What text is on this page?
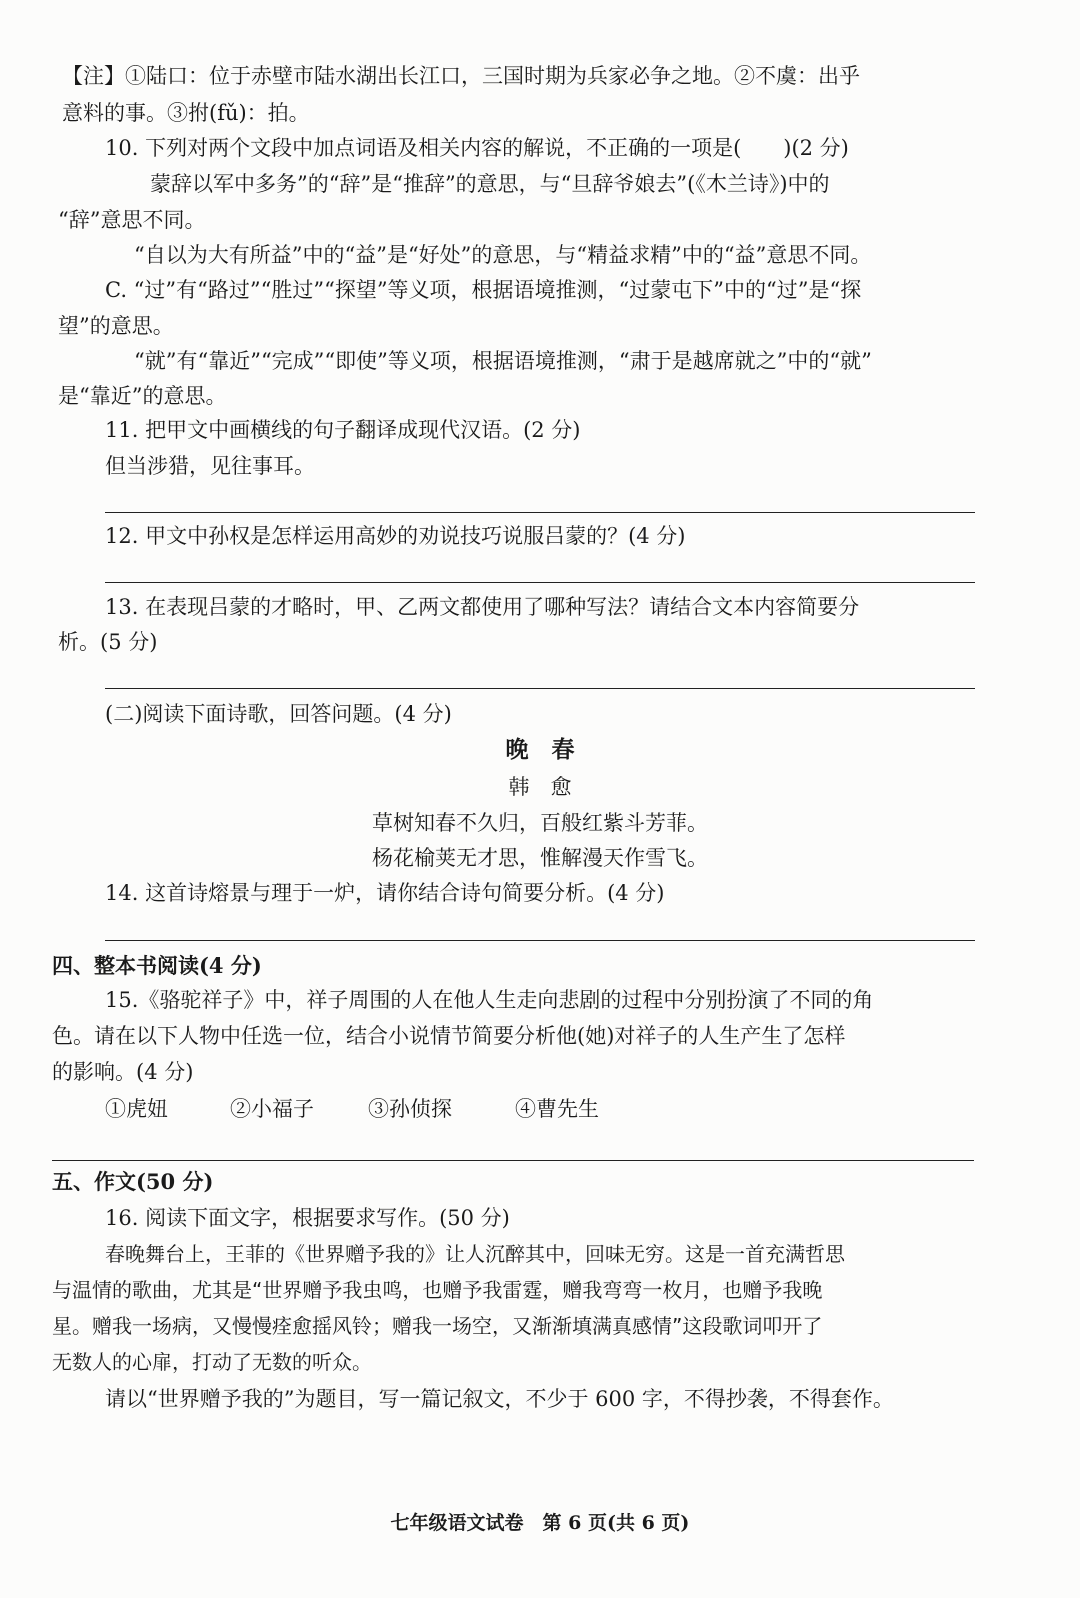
【注】①陆口：位于赤壁市陆水湖出长江口，三国时期为兵家必争之地。②不虞：出乎
意料的事。③拊(fǔ)：拍。
10. 下列对两个文段中加点词语及相关内容的解说，不正确的一项是(　　)(2 分)
蒙辞以军中多务”的“辞”是“推辞”的意思，与“旦辞爷娘去”(《木兰诗》)中的
“辞”意思不同。
“自以为大有所益”中的“益”是“好处”的意思，与“精益求精”中的“益”意思不同。
C. “过”有“路过”“胜过”“探望”等义项，根据语境推测，“过蒙屯下”中的“过”是“探
望”的意思。
“就”有“靠近”“完成”“即使”等义项，根据语境推测，“肃于是越席就之”中的“就”
是“靠近”的意思。
11. 把甲文中画横线的句子翻译成现代汉语。(2 分)
但当涉猎，见往事耳。
12. 甲文中孙权是怎样运用高妙的劝说技巧说服吕蒙的？(4 分)
13. 在表现吕蒙的才略时，甲、乙两文都使用了哪种写法？请结合文本内容简要分
析。(5 分)
(二)阅读下面诗歌，回答问题。(4 分)
晚　春
韩　愈
草树知春不久归，百般红紫斗芳菲。
杨花榆荚无才思，惟解漫天作雪飞。
14. 这首诗熔景与理于一炉，请你结合诗句简要分析。(4 分)
四、整本书阅读(4 分)
15.《骆驼祥子》中，祥子周围的人在他人生走向悲剧的过程中分别扮演了不同的角
色。请在以下人物中任选一位，结合小说情节简要分析他(她)对祥子的人生产生了怎样
的影响。(4 分)
①虎妞	②小福子	③孙侦探	④曹先生
五、作文(50 分)
16. 阅读下面文字，根据要求写作。(50 分)
春晚舞台上，王菲的《世界赠予我的》让人沉醉其中，回味无穷。这是一首充满哲思
与温情的歌曲，尤其是“世界赠予我虫鸣，也赠予我雷霆，赠我弯弯一枚月，也赠予我晚
星。赠我一场病，又慢慢痊愈摇风铃；赠我一场空，又渐渐填满真感情”这段歌词叩开了
无数人的心扉，打动了无数的听众。
请以“世界赠予我的”为题目，写一篇记叙文，不少于 600 字，不得抄袭，不得套作。
七年级语文试卷　第 6 页(共 6 页)
